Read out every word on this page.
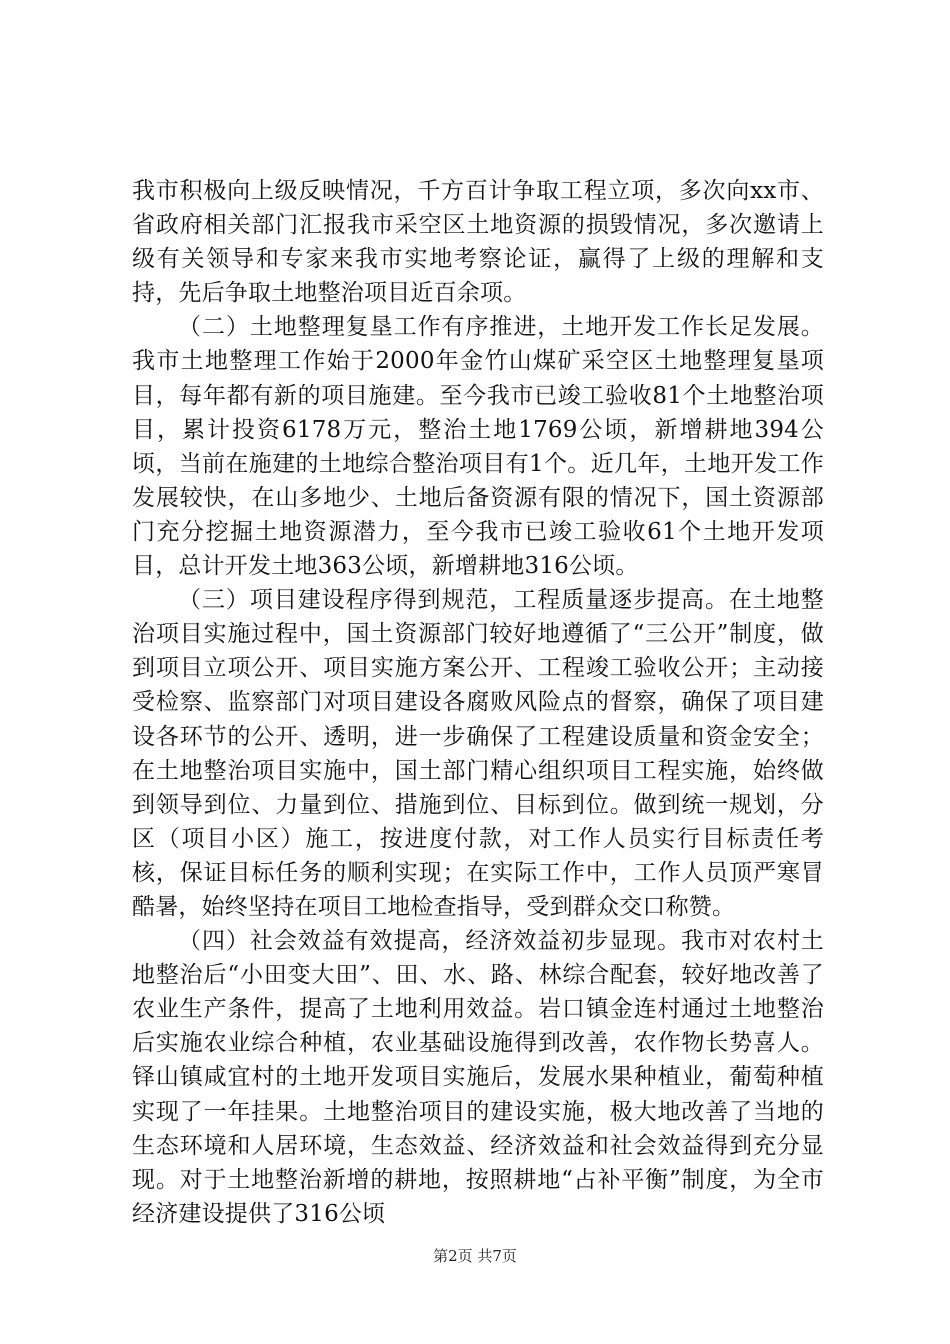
我市积极向上级反映情况，千方百计争取工程立项，多次向xx市、省政府相关部门汇报我市采空区土地资源的损毁情况，多次邀请上级有关领导和专家来我市实地考察论证，赢得了上级的理解和支持，先后争取土地整治项目近百余项。

（二）土地整理复垦工作有序推进，土地开发工作长足发展。我市土地整理工作始于2000年金竹山煤矿采空区土地整理复垦项目，每年都有新的项目施建。至今我市已竣工验收81个土地整治项目，累计投资6178万元，整治土地1769公顷，新增耕地394公顷，当前在施建的土地综合整治项目有1个。近几年，土地开发工作发展较快，在山多地少、土地后备资源有限的情况下，国土资源部门充分挖掘土地资源潜力，至今我市已竣工验收61个土地开发项目，总计开发土地363公顷，新增耕地316公顷。

（三）项目建设程序得到规范，工程质量逐步提高。在土地整治项目实施过程中，国土资源部门较好地遵循了“三公开”制度，做到项目立项公开、项目实施方案公开、工程竣工验收公开；主动接受检察、监察部门对项目建设各腐败风险点的督察，确保了项目建设各环节的公开、透明，进一步确保了工程建设质量和资金安全；在土地整治项目实施中，国土部门精心组织项目工程实施，始终做到领导到位、力量到位、措施到位、目标到位。做到统一规划，分区（项目小区）施工，按进度付款，对工作人员实行目标责任考核，保证目标任务的顺利实现；在实际工作中，工作人员顶严寒冒酷暑，始终坚持在项目工地检查指导，受到群众交口称赞。

（四）社会效益有效提高，经济效益初步显现。我市对农村土地整治后“小田变大田”、田、水、路、林综合配套，较好地改善了农业生产条件，提高了土地利用效益。岩口镇金连村通过土地整治后实施农业综合种植，农业基础设施得到改善，农作物长势喜人。铎山镇咸宜村的土地开发项目实施后，发展水果种植业，葡萄种植实现了一年挂果。土地整治项目的建设实施，极大地改善了当地的生态环境和人居环境，生态效益、经济效益和社会效益得到充分显现。对于土地整治新增的耕地，按照耕地“占补平衡”制度，为全市经济建设提供了316公顷

第2页 共7页
